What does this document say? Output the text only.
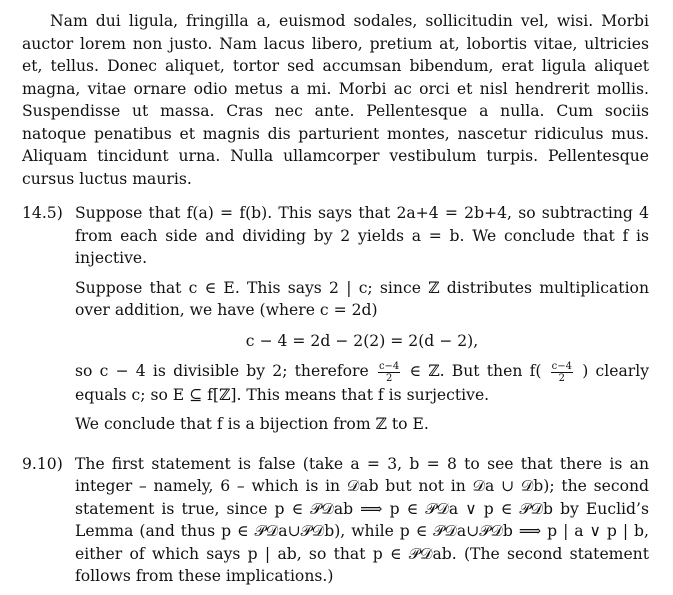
Nam dui ligula, fringilla a, euismod sodales, sollicitudin vel, wisi. Morbi auctor lorem non justo. Nam lacus libero, pretium at, lobortis vitae, ultricies et, tellus. Donec aliquet, tortor sed accumsan bibendum, erat ligula aliquet magna, vitae ornare odio metus a mi. Morbi ac orci et nisl hendrerit mollis. Suspendisse ut massa. Cras nec ante. Pellentesque a nulla. Cum sociis natoque penatibus et magnis dis parturient montes, nascetur ridiculus mus. Aliquam tincidunt urna. Nulla ullamcorper vestibulum turpis. Pellentesque cursus luctus mauris.

14.5) Suppose that f(a) = f(b). This says that 2a+4 = 2b+4, so subtracting 4 from each side and dividing by 2 yields a = b. We conclude that f is injective.

Suppose that c ∈ E. This says 2 | c; since ℤ distributes multiplication over addition, we have (where c = 2d)

c − 4 = 2d − 2(2) = 2(d − 2),

so c − 4 is divisible by 2; therefore $\frac{c-4}{2}$ ∈ ℤ. But then $f( \frac{c-4}{2}$ ) clearly equals c; so E ⊆ f[ℤ]. This means that f is surjective.

We conclude that f is a bijection from ℤ to E.

9.10) The first statement is false (take a = 3, b = 8 to see that there is an integer – namely, 6 – which is in 𝒟ab but not in 𝒟a ∪ 𝒟b); the second statement is true, since p ∈ 𝒫𝒟ab ⟹ p ∈ 𝒫𝒟a ∨ p ∈ 𝒫𝒟b by Euclid’s Lemma (and thus p ∈ 𝒫𝒟a∪𝒫𝒟b), while p ∈ 𝒫𝒟a∪𝒫𝒟b ⟹ p | a ∨ p | b, either of which says p | ab, so that p ∈ 𝒫𝒟ab. (The second statement follows from these implications.)
